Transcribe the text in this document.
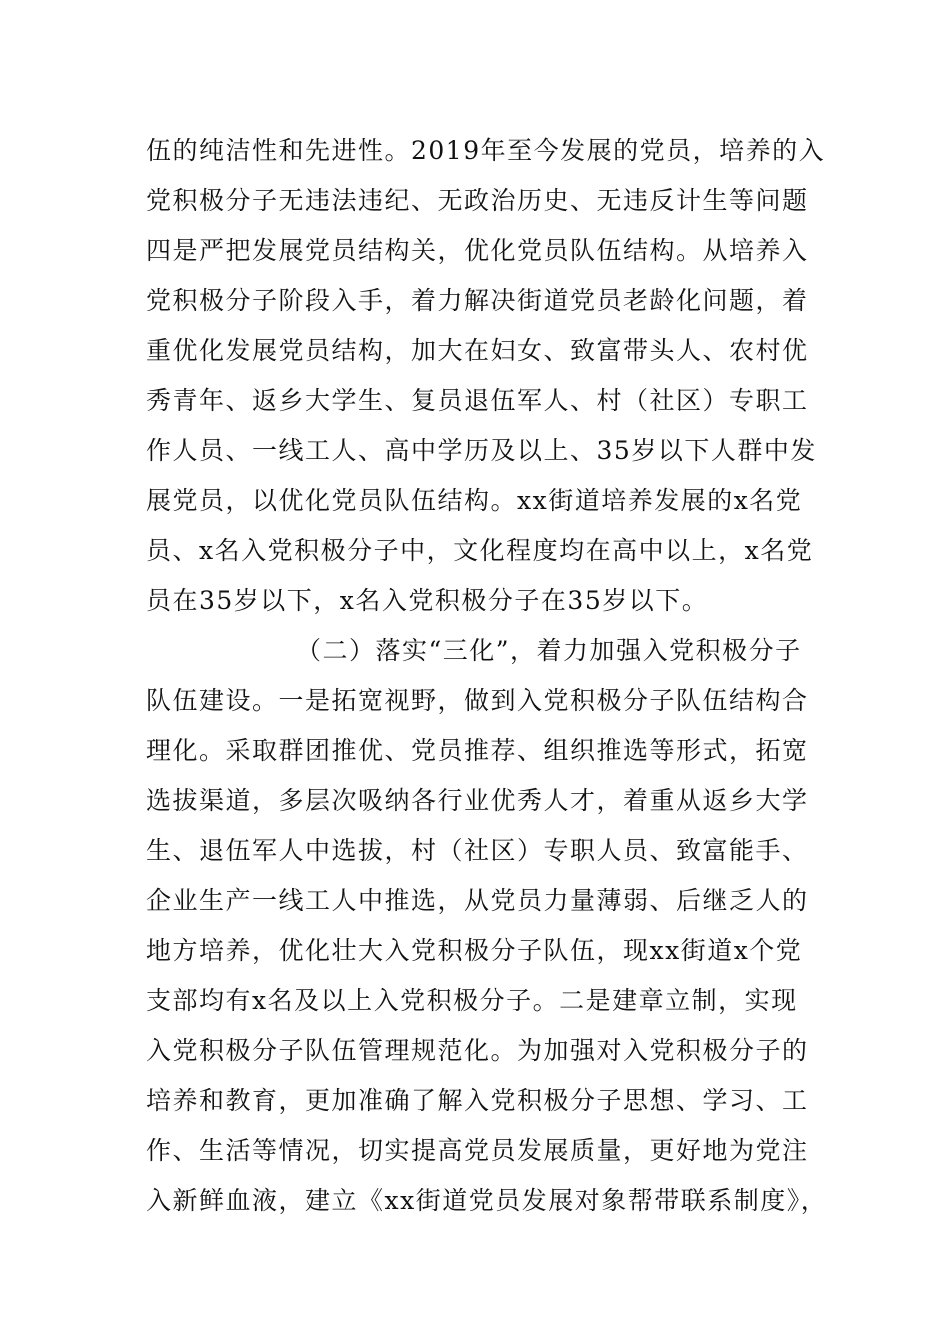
伍的纯洁性和先进性。2019年至今发展的党员，培养的入
党积极分子无违法违纪、无政治历史、无违反计生等问题
四是严把发展党员结构关，优化党员队伍结构。从培养入
党积极分子阶段入手，着力解决街道党员老龄化问题，着
重优化发展党员结构，加大在妇女、致富带头人、农村优
秀青年、返乡大学生、复员退伍军人、村（社区）专职工
作人员、一线工人、高中学历及以上、35岁以下人群中发
展党员，以优化党员队伍结构。xx街道培养发展的x名党
员、x名入党积极分子中，文化程度均在高中以上，x名党
员在35岁以下，x名入党积极分子在35岁以下。
（二）落实“三化”，着力加强入党积极分子
队伍建设。一是拓宽视野，做到入党积极分子队伍结构合
理化。采取群团推优、党员推荐、组织推选等形式，拓宽
选拔渠道，多层次吸纳各行业优秀人才，着重从返乡大学
生、退伍军人中选拔，村（社区）专职人员、致富能手、
企业生产一线工人中推选，从党员力量薄弱、后继乏人的
地方培养，优化壮大入党积极分子队伍，现xx街道x个党
支部均有x名及以上入党积极分子。二是建章立制，实现
入党积极分子队伍管理规范化。为加强对入党积极分子的
培养和教育，更加准确了解入党积极分子思想、学习、工
作、生活等情况，切实提高党员发展质量，更好地为党注
入新鲜血液，建立《xx街道党员发展对象帮带联系制度》，
